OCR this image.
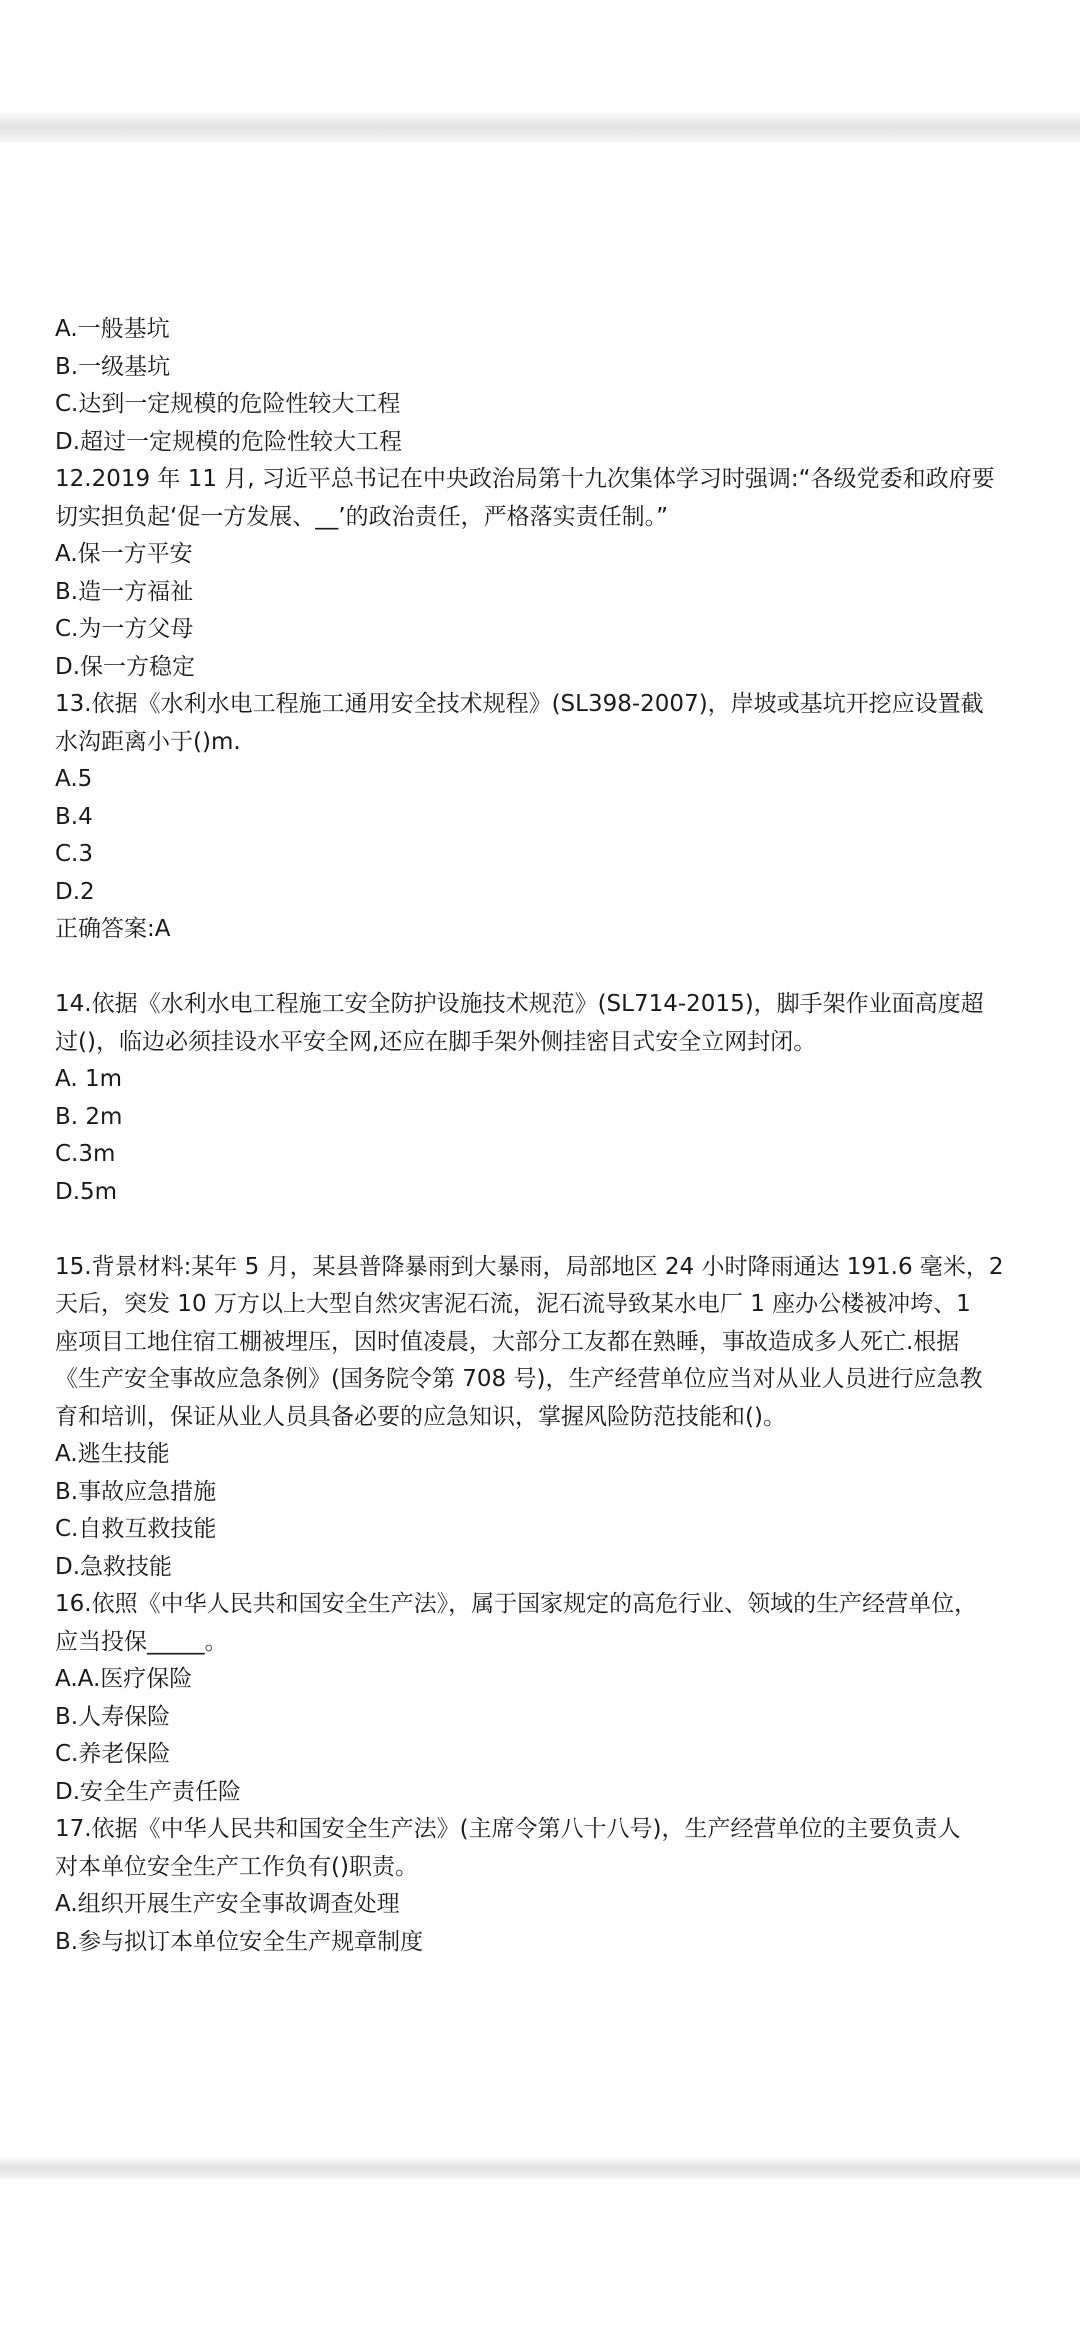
A.一般基坑
B.一级基坑
C.达到一定规模的危险性较大工程
D.超过一定规模的危险性较大工程
12.2019 年 11 月, 习近平总书记在中央政治局第十九次集体学习时强调:“各级党委和政府要
切实担负起‘促一方发展、__’的政治责任，严格落实责任制。”
A.保一方平安
B.造一方福祉
C.为一方父母
D.保一方稳定
13.依据《水利水电工程施工通用安全技术规程》(SL398-2007)，岸坡或基坑开挖应设置截
水沟距离小于()m.
A.5
B.4
C.3
D.2
正确答案:A
14.依据《水利水电工程施工安全防护设施技术规范》(SL714-2015)，脚手架作业面高度超
过()，临边必须挂设水平安全网,还应在脚手架外侧挂密目式安全立网封闭。
A. 1m
B. 2m
C.3m
D.5m
15.背景材料:某年 5 月，某县普降暴雨到大暴雨，局部地区 24 小时降雨通达 191.6 毫米，2
天后，突发 10 万方以上大型自然灾害泥石流，泥石流导致某水电厂 1 座办公楼被冲垮、1
座项目工地住宿工棚被埋压，因时值凌晨，大部分工友都在熟睡，事故造成多人死亡.根据
《生产安全事故应急条例》(国务院令第 708 号)，生产经营单位应当对从业人员进行应急教
育和培训，保证从业人员具备必要的应急知识，掌握风险防范技能和()。
A.逃生技能
B.事故应急措施
C.自救互救技能
D.急救技能
16.依照《中华人民共和国安全生产法》，属于国家规定的高危行业、领域的生产经营单位，
应当投保_____。
A.A.医疗保险
B.人寿保险
C.养老保险
D.安全生产责任险
17.依据《中华人民共和国安全生产法》(主席令第八十八号)，生产经营单位的主要负责人
对本单位安全生产工作负有()职责。
A.组织开展生产安全事故调查处理
B.参与拟订本单位安全生产规章制度
